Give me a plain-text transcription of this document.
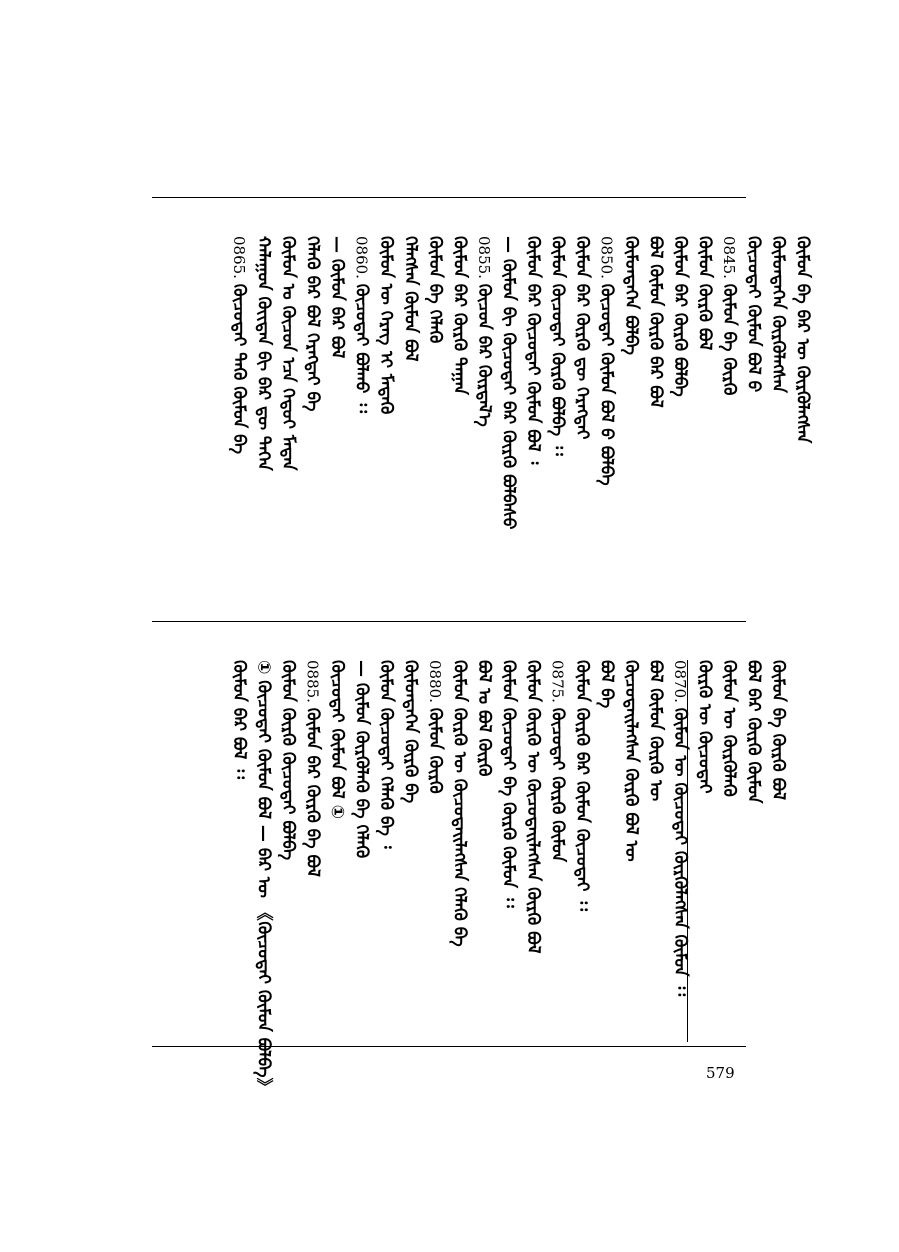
0865. ᠬᠦᠴᠦᠲᠡᠢ ᠲᠡᠬᠦ ᠬᠦᠮᠦᠨ ᠪᠡ ᠬᠠᠯᠠᠭᠤᠨ ᠬᠦᠢᠲᠡᠨ ᠪᠢ ᠪᠡᠷ ᠳᠦ ᠳᠡᠭᠡᠨ ᠬᠦᠮᠦᠨ ᠤ ᠬᠦᠴᠦᠨ ᠡᠴᠡ ᠬᠡᠳᠦᠢ ᠮᠡᠳᠡᠨ ᠬᠡᠯᠡᠬᠦ ᠪᠡᠷ ᠪᠣᠯ ᠬᠡᠷᠡᠭᠲᠡᠢ ᠪᠠ — ᠬᠦᠮᠦᠨ ᠪᠡᠷ ᠪᠣᠯ 0860. ᠬᠦᠴᠦᠲᠡᠢ ᠪᠣᠯᠬᠤ ᠄᠄ ᠬᠦᠮᠦᠨ ᠦ ᠬᠡᠷᠡᠭ ᠢ ᠮᠡᠳᠡᠬᠦ ᠬᠡᠯᠡᠭᠰᠡᠨ ᠬᠦᠮᠦᠨ ᠪᠣᠯ ᠬᠦᠮᠦᠨ ᠪᠡ ᠬᠡᠯᠡᠬᠦ ᠬᠦᠮᠦᠨ ᠪᠡᠷ ᠬᠦᠷᠬᠦ ᠳᠠᠭᠠᠨ 0855. ᠬᠦᠴᠦᠨ ᠪᠡᠷ ᠬᠦᠷᠲᠡᠯ᠎ᠡ — ᠬᠦᠮᠦᠨ ᠪᠢ ᠬᠦᠴᠦᠲᠡᠢ ᠪᠡᠷ ᠬᠦᠷᠬᠦ ᠪᠣᠯᠪᠠᠰᠤ ᠬᠦᠮᠦᠨ ᠪᠠᠷ ᠬᠦᠴᠦᠲᠡᠢ ᠬᠦᠮᠦᠨ ᠪᠣᠯ ᠄ ᠬᠦᠮᠦᠨ ᠬᠦᠴᠦᠲᠡᠢ ᠬᠦᠷᠬᠦ ᠪᠣᠯᠪᠠ ᠄᠄ ᠬᠦᠮᠦᠨ ᠪᠡᠷ ᠬᠦᠷᠬᠦ ᠳᠦ ᠬᠡᠷᠡᠭᠲᠡᠢ 0850. ᠬᠦᠴᠦᠲᠡᠢ ᠬᠦᠮᠦᠨ ᠪᠣᠯ ᠪ ᠪᠣᠯᠪᠠ ᠬᠦᠮᠦᠨᠳᠡᠭᠡᠨ ᠪᠣᠯᠪᠠ ᠪᠣᠯ ᠬᠦᠮᠦᠨ ᠬᠦᠷᠬᠦ ᠪᠡᠷ ᠪᠣᠯ ᠬᠦᠮᠦᠨ ᠪᠡᠷ ᠬᠦᠷᠬᠦ ᠪᠣᠯᠪᠠ ᠬᠦᠮᠦᠨ ᠬᠦᠷᠬᠦ ᠪᠣᠯ 0845. ᠬᠦᠮᠦᠨ ᠪᠡ ᠬᠦᠷᠬᠦ ᠬᠦᠴᠦᠲᠡᠢ ᠬᠦᠮᠦᠨ ᠪᠣᠯ ᠪ ᠬᠦᠮᠦᠨᠳᠡᠭᠡᠨ ᠬᠦᠷᠬᠦᠯᠡᠭᠰᠡᠨ ᠬᠦᠮᠦᠨ ᠪᠡ ᠪᠡᠷ ᠦ ᠬᠦᠷᠬᠦᠯᠡᠭᠰᠡᠨ
ᠬᠦᠮᠦᠨ ᠪᠡᠷ ᠪᠣᠯ ᠄᠄ ① ᠬᠦᠴᠦᠲᠡᠢ ᠬᠦᠮᠦᠨ ᠪᠣᠯ — ᠪᠡᠷ ᠦ 《ᠬᠦᠴᠦᠲᠡᠢ ᠬᠦᠮᠦᠨ ᠪᠣᠯᠪᠠ》 ᠬᠦᠮᠦᠨ ᠬᠦᠷᠬᠦ ᠬᠦᠴᠦᠲᠡᠢ ᠪᠣᠯᠪᠠ 0885. ᠬᠦᠮᠦᠨ ᠪᠡᠷ ᠬᠦᠷᠬᠦ ᠪᠠ ᠪᠣᠯ ᠬᠦᠴᠦᠲᠡᠢ ᠬᠦᠮᠦᠨ ᠪᠣᠯ ① — ᠬᠦᠮᠦᠨ ᠬᠦᠷᠬᠦᠯᠡᠬᠦ ᠪᠡ ᠬᠡᠯᠡᠬᠦ ᠬᠦᠮᠦᠨ ᠬᠦᠴᠦᠲᠡᠢ ᠬᠡᠯᠡᠬᠦ ᠪᠡ ᠄ ᠬᠦᠮᠦᠨᠳᠡᠭᠡᠨ ᠬᠦᠷᠬᠦ ᠪᠡ 0880. ᠬᠦᠮᠦᠨ ᠬᠦᠷᠬᠦ ᠬᠦᠮᠦᠨ ᠬᠦᠷᠬᠦ ᠦ ᠬᠦᠴᠦᠲᠡᠢᠯᠡᠭᠰᠡᠨ ᠬᠡᠯᠡᠬᠦ ᠪᠡ ᠪᠣᠯ ᠤ ᠪᠣᠯ ᠬᠦᠷᠬᠦ ᠬᠦᠮᠦᠨ ᠬᠦᠴᠦᠲᠡᠢ ᠪᠡ ᠬᠦᠷᠬᠦ ᠬᠦᠮᠦᠨ ᠄᠄ ᠬᠦᠮᠦᠨ ᠬᠦᠷᠬᠦ ᠦ ᠬᠦᠴᠦᠲᠡᠢᠯᠡᠭᠰᠡᠨ ᠬᠦᠷᠬᠦ ᠪᠣᠯ 0875. ᠬᠦᠴᠦᠲᠡᠢ ᠬᠦᠷᠬᠦ ᠬᠦᠮᠦᠨ ᠬᠦᠮᠦᠨ ᠬᠦᠷᠬᠦ ᠪᠡᠷ ᠬᠦᠮᠦᠨ ᠬᠦᠴᠦᠲᠡᠢ ᠄᠄ ᠪᠣᠯ ᠪᠡ ᠬᠦᠴᠦᠲᠡᠢᠯᠡᠭᠰᠡᠨ ᠬᠦᠷᠬᠦ ᠪᠣᠯ ᠦ ᠪᠣᠯ ᠬᠦᠮᠦᠨ ᠬᠦᠷᠬᠦ ᠦ 0870. ᠬᠦᠮᠦᠨ ᠦ ᠬᠦᠴᠦᠲᠡᠢ ᠬᠦᠷᠬᠦᠯᠡᠭᠰᠡᠨ ᠬᠦᠮᠦᠨ ᠄᠄ ᠬᠦᠷᠬᠦ ᠦ ᠬᠦᠴᠦᠲᠡᠢ ᠬᠦᠮᠦᠨ ᠦ ᠬᠦᠷᠬᠦᠯᠡᠬᠦ ᠪᠣᠯ ᠪᠡᠷ ᠬᠦᠷᠬᠦ ᠬᠦᠮᠦᠨ ᠬᠦᠮᠦᠨ ᠪᠡ ᠬᠦᠷᠬᠦ ᠪᠣᠯ
579
